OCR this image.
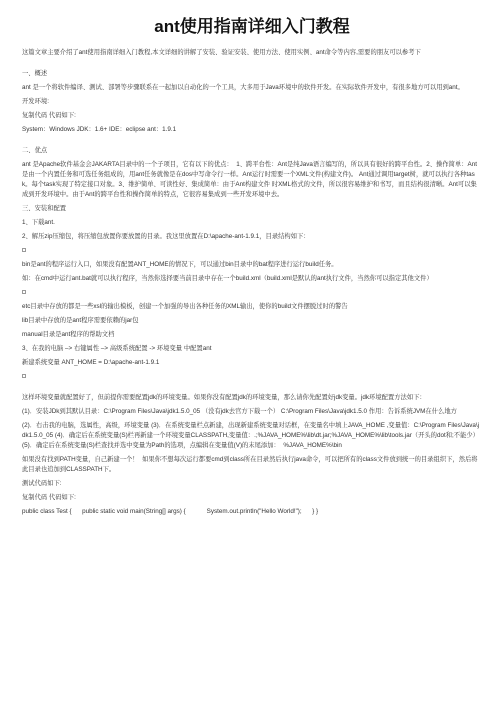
ant使用指南详细入门教程

这篇文章主要介绍了ant使用指南详细入门教程,本文详细的讲解了安装、验证安装、使用方法、使用实例、ant命令等内容,需要的朋友可以参考下

一、概述

ant 是一个将软件编译、测试、部署等步骤联系在一起加以自动化的一个工具，大多用于Java环境中的软件开发。在实际软件开发中，有很多地方可以用到ant。

开发环境:

复制代码 代码如下:

System：Windows JDK：1.6+ IDE：eclipse ant：1.9.1

二、优点

ant 是Apache软件基金会JAKARTA目录中的一个子项目，它有以下的优点：  1、跨平台性：Ant是纯Java语言编写的，所以具有很好的跨平台性。2、操作简单：Ant是由一个内置任务和可选任务组成的，用ant任务就像是在dos中写命令行一样。Ant运行时需要一个XML文件(构建文件)。 Ant通过调用target树，就可以执行各种task。每个task实现了特定接口对象。3、维护简单、可读性好、集成简单：由于Ant构建文件 时XML格式的文件，所以很容易维护和书写，而且结构很清晰。Ant可以集成到开发环境中。由于Ant的跨平台性和操作简单的特点，它很容易集成到一些开发环境中去。

三、安装和配置

1、下载ant.

2、解压zip压缩包，将压缩包放置你要放置的目录。我这里放置在D:\apache-ant-1.9.1，目录结构如下：

bin是ant的程序运行入口，如果没有配置ANT_HOME的情况下，可以通过bin目录中的bat程序进行运行build任务。

如：在cmd中运行ant.bat就可以执行程序，当然你选择要当前目录中存在一个build.xml（build.xml是默认的ant执行文件，当然你可以指定其他文件）

etc目录中存放的都是一些xsl的输出模板，创建一个加强的导出各种任务的XML输出，使你的build文件摆脱过时的警告

lib目录中存放的是ant程序需要依赖的jar包

manual目录是ant程序的帮助文档

3、在我的电脑 –> 右键属性 –> 高级系统配置 -> 环境变量 中配置ant

新建系统变量 ANT_HOME = D:\apache-ant-1.9.1

这样环境变量就配置好了，但前提你需要配置jdk的环境变量。如果你没有配置jdk的环境变量，那么请你先配置好jdk变量。jdk环境配置方法如下：

(1)．安装JDk到其默认目录：C:\Program Files\Java\jdk1.5.0_05 （没有jdk去官方下载一个） C:\Program Files\Java\jdk1.5.0 作用：告诉系统JVM在什么地方

(2)．右击我的电脑，选属性，高级，环境变量 (3)．在系统变量栏点新建，出现新建系统变量对话框，在变量名中填上JAVA_HOME ,变量值：C:\Program Files\Java\jdk1.5.0_05 (4)．确定后在系统变量(S)栏再新建一个环境变量CLASSPATH,变量值：.;%JAVA_HOME%\lib\dt.jar;%JAVA_HOME%\lib\tools.jar（开头的dot和;不能少） (5)．确定后在系统变量(S)栏查找并选中变量为Path的选项，点编辑在变量值(V)的末尾添加：  %JAVA_HOME%\bin

如果没有找到PATH变量，自己新建一个！  如果你不想每次运行都要cmd到class所在目录然后执行java命令，可以把所有的class文件放到统一的目录组织下，然后将此目录也追加到CLASSPATH下。

测试代码如下:

复制代码 代码如下:

public class Test {      public static void main(String[] args) {            System.out.println("Hello World!");      } }
